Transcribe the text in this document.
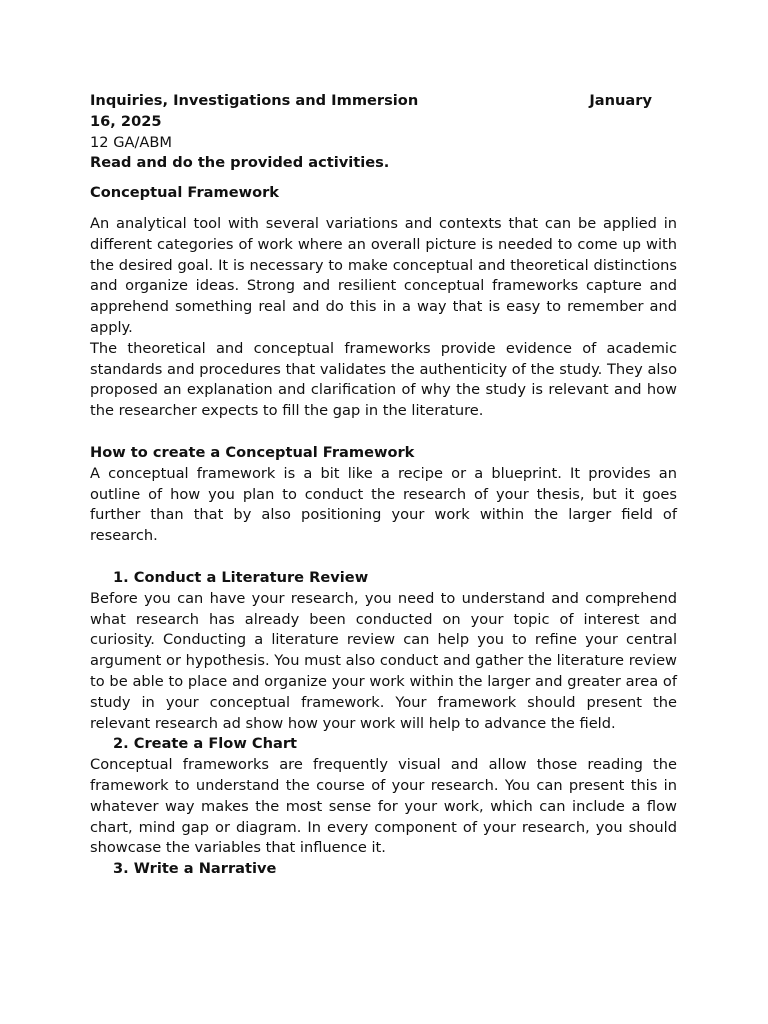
Inquiries, Investigations and Immersion	January
16, 2025
12 GA/ABM
Read and do the provided activities.
Conceptual Framework

An analytical tool with several variations and contexts that can be applied in different categories of work where an overall picture is needed to come up with the desired goal. It is necessary to make conceptual and theoretical distinctions and organize ideas. Strong and resilient conceptual frameworks capture and apprehend something real and do this in a way that is easy to remember and apply.

The theoretical and conceptual frameworks provide evidence of academic standards and procedures that validates the authenticity of the study. They also proposed an explanation and clarification of why the study is relevant and how the researcher expects to fill the gap in the literature.

How to create a Conceptual Framework

A conceptual framework is a bit like a recipe or a blueprint. It provides an outline of how you plan to conduct the research of your thesis, but it goes further than that by also positioning your work within the larger field of research.

1. Conduct a Literature Review

Before you can have your research, you need to understand and comprehend what research has already been conducted on your topic of interest and curiosity. Conducting a literature review can help you to refine your central argument or hypothesis. You must also conduct and gather the literature review to be able to place and organize your work within the larger and greater area of study in your conceptual framework. Your framework should present the relevant research ad show how your work will help to advance the field.

2. Create a Flow Chart

Conceptual frameworks are frequently visual and allow those reading the framework to understand the course of your research. You can present this in whatever way makes the most sense for your work, which can include a flow chart, mind gap or diagram. In every component of your research, you should showcase the variables that influence it.

3. Write a Narrative
